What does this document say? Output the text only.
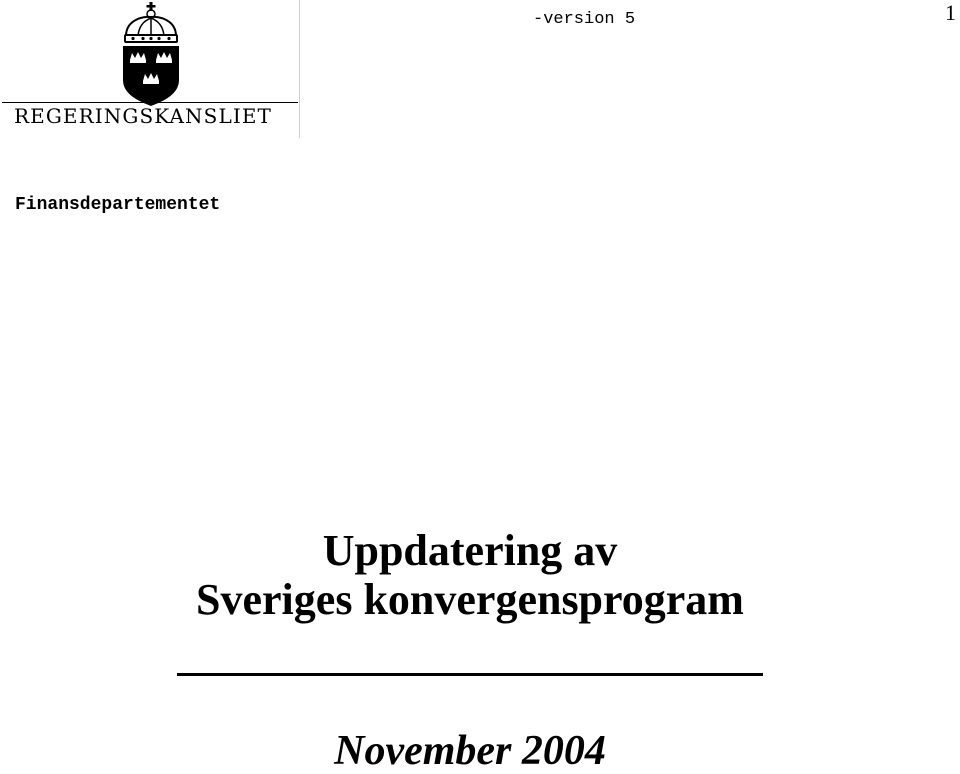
REGERINGSKANSLIET
-version 5	1
Finansdepartementet
Uppdatering av
Sveriges konvergensprogram
November 2004
